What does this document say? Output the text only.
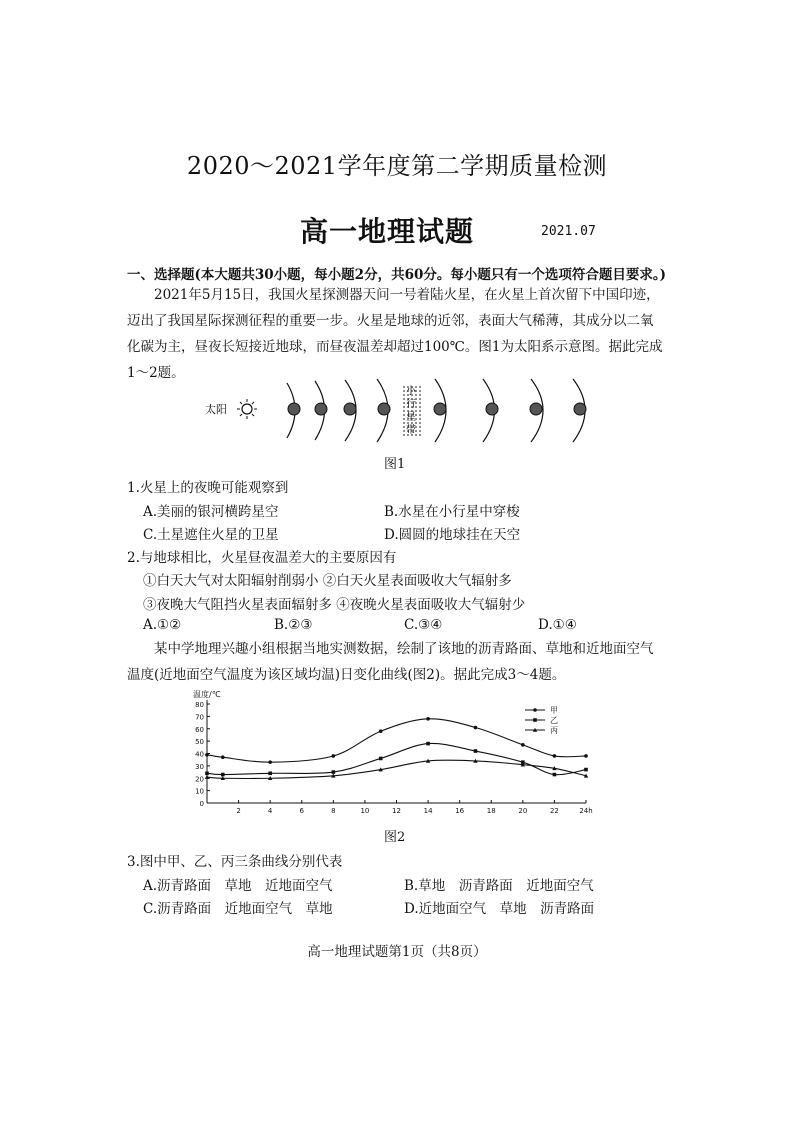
2020～2021学年度第二学期质量检测
高一地理试题	2021.07
一、选择题(本大题共30小题，每小题2分，共60分。每小题只有一个选项符合题目要求。)
2021年5月15日，我国火星探测器天问一号着陆火星，在火星上首次留下中国印迹，
迈出了我国星际探测征程的重要一步。火星是地球的近邻，表面大气稀薄，其成分以二氧
化碳为主，昼夜长短接近地球，而昼夜温差却超过100℃。图1为太阳系示意图。据此完成
1～2题。
太阳
小
行
星
带
图1
1.火星上的夜晚可能观察到
A.美丽的银河横跨星空	B.水星在小行星中穿梭
C.土星遮住火星的卫星	D.圆圆的地球挂在天空
2.与地球相比，火星昼夜温差大的主要原因有
①白天大气对太阳辐射削弱小 ②白天火星表面吸收大气辐射多
③夜晚大气阻挡火星表面辐射多 ④夜晚火星表面吸收大气辐射少
A.①②	B.②③	C.③④	D.①④
某中学地理兴趣小组根据当地实测数据，绘制了该地的沥青路面、草地和近地面空气
温度(近地面空气温度为该区域均温)日变化曲线(图2)。据此完成3～4题。
0
10
20
30
40
50
60
70
80
2	4	6	8	10	12	14	16	18	20	22	24h
甲
乙
丙
温度/℃
图2
3.图中甲、乙、丙三条曲线分别代表
A.沥青路面　草地　近地面空气	B.草地　沥青路面　近地面空气
C.沥青路面　近地面空气　草地	D.近地面空气　草地　沥青路面
高一地理试题第1页（共8页）
